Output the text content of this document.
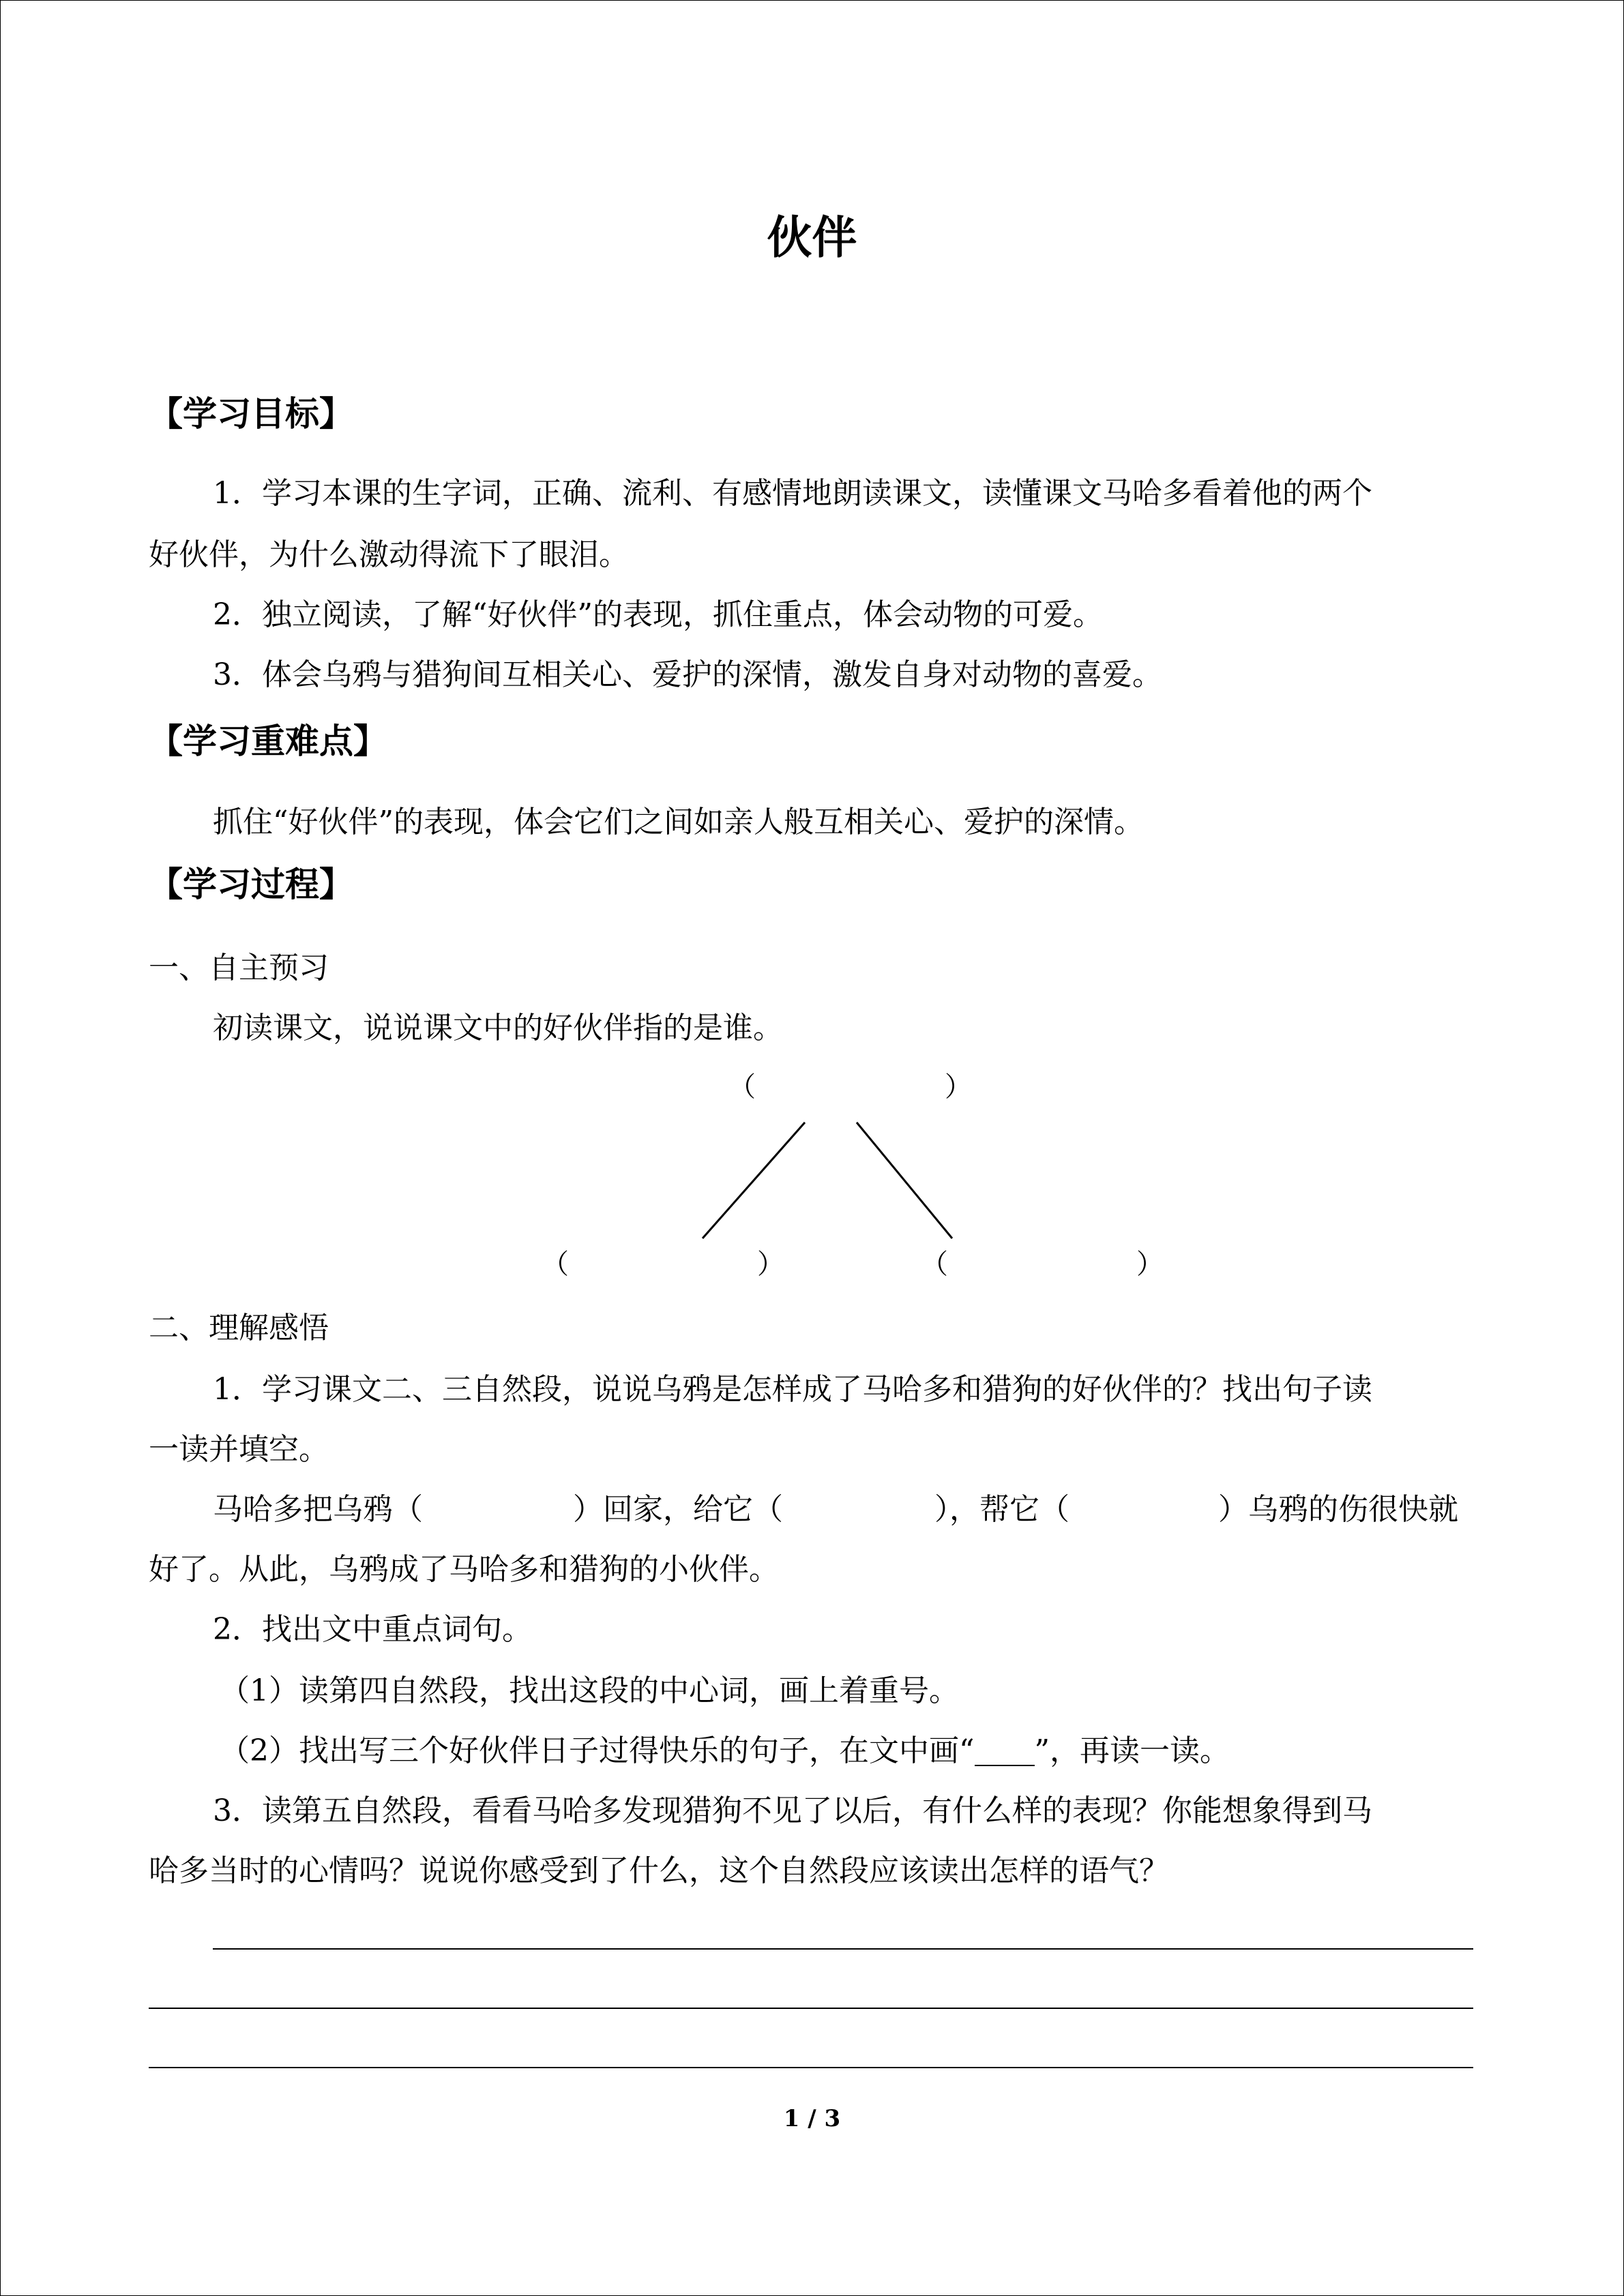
伙伴
【学习目标】
1．学习本课的生字词，正确、流利、有感情地朗读课文，读懂课文马哈多看着他的两个
好伙伴，为什么激动得流下了眼泪。
2．独立阅读，了解“好伙伴”的表现，抓住重点，体会动物的可爱。
3．体会乌鸦与猎狗间互相关心、爱护的深情，激发自身对动物的喜爱。
【学习重难点】
抓住“好伙伴”的表现，体会它们之间如亲人般互相关心、爱护的深情。
【学习过程】
一、自主预习
初读课文，说说课文中的好伙伴指的是谁。
（	）
（	）	（	）
二、理解感悟
1．学习课文二、三自然段，说说乌鸦是怎样成了马哈多和猎狗的好伙伴的？找出句子读
一读并填空。
马哈多把乌鸦（	）回家，给它（	），帮它（	）乌鸦的伤很快就
好了。从此，乌鸦成了马哈多和猎狗的小伙伴。
2．找出文中重点词句。
（1）读第四自然段，找出这段的中心词，画上着重号。
（2）找出写三个好伙伴日子过得快乐的句子，在文中画“ ”，再读一读。
3．读第五自然段，看看马哈多发现猎狗不见了以后，有什么样的表现？你能想象得到马
哈多当时的心情吗？说说你感受到了什么，这个自然段应该读出怎样的语气？
1 / 3
